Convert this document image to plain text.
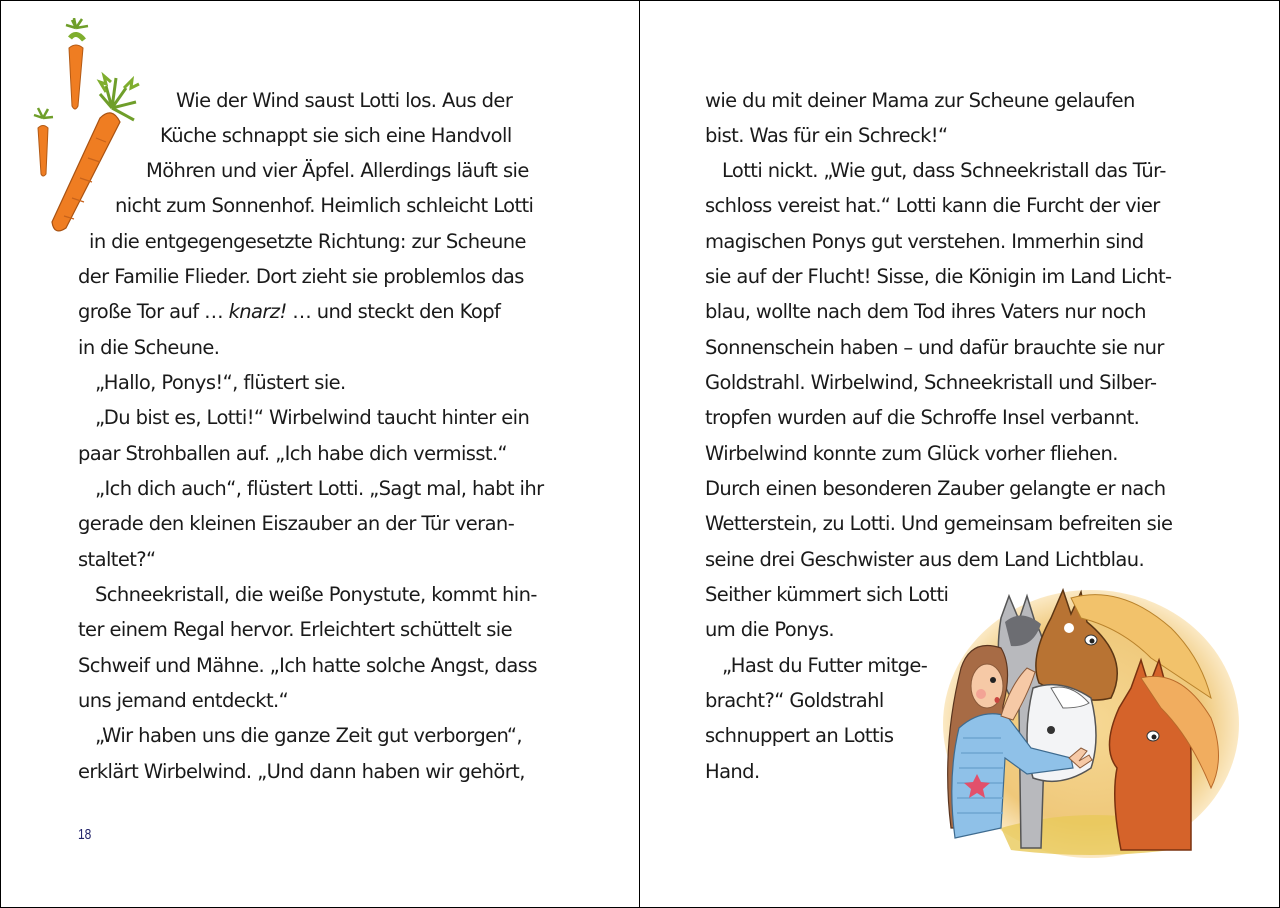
Wie der Wind saust Lotti los. Aus der
Küche schnappt sie sich eine Handvoll
Möhren und vier Äpfel. Allerdings läuft sie
nicht zum Sonnenhof. Heimlich schleicht Lotti
in die entgegengesetzte Richtung: zur Scheune
der Familie Flieder. Dort zieht sie problemlos das
große Tor auf … knarz! … und steckt den Kopf
in die Scheune.
„Hallo, Ponys!“, flüstert sie.
„Du bist es, Lotti!“ Wirbelwind taucht hinter ein
paar Strohballen auf. „Ich habe dich vermisst.“
„Ich dich auch“, flüstert Lotti. „Sagt mal, habt ihr
gerade den kleinen Eiszauber an der Tür veran-
staltet?“
Schneekristall, die weiße Ponystute, kommt hin-
ter einem Regal hervor. Erleichtert schüttelt sie
Schweif und Mähne. „Ich hatte solche Angst, dass
uns jemand entdeckt.“
„Wir haben uns die ganze Zeit gut verborgen“,
erklärt Wirbelwind. „Und dann haben wir gehört,
18
wie du mit deiner Mama zur Scheune gelaufen
bist. Was für ein Schreck!“
Lotti nickt. „Wie gut, dass Schneekristall das Tür-
schloss vereist hat.“ Lotti kann die Furcht der vier
magischen Ponys gut verstehen. Immerhin sind
sie auf der Flucht! Sisse, die Königin im Land Licht-
blau, wollte nach dem Tod ihres Vaters nur noch
Sonnenschein haben – und dafür brauchte sie nur
Goldstrahl. Wirbelwind, Schneekristall und Silber-
tropfen wurden auf die Schroffe Insel verbannt.
Wirbelwind konnte zum Glück vorher fliehen.
Durch einen besonderen Zauber gelangte er nach
Wetterstein, zu Lotti. Und gemeinsam befreiten sie
seine drei Geschwister aus dem Land Lichtblau.
Seither kümmert sich Lotti
um die Ponys.
„Hast du Futter mitge-
bracht?“ Goldstrahl
schnuppert an Lottis
Hand.
